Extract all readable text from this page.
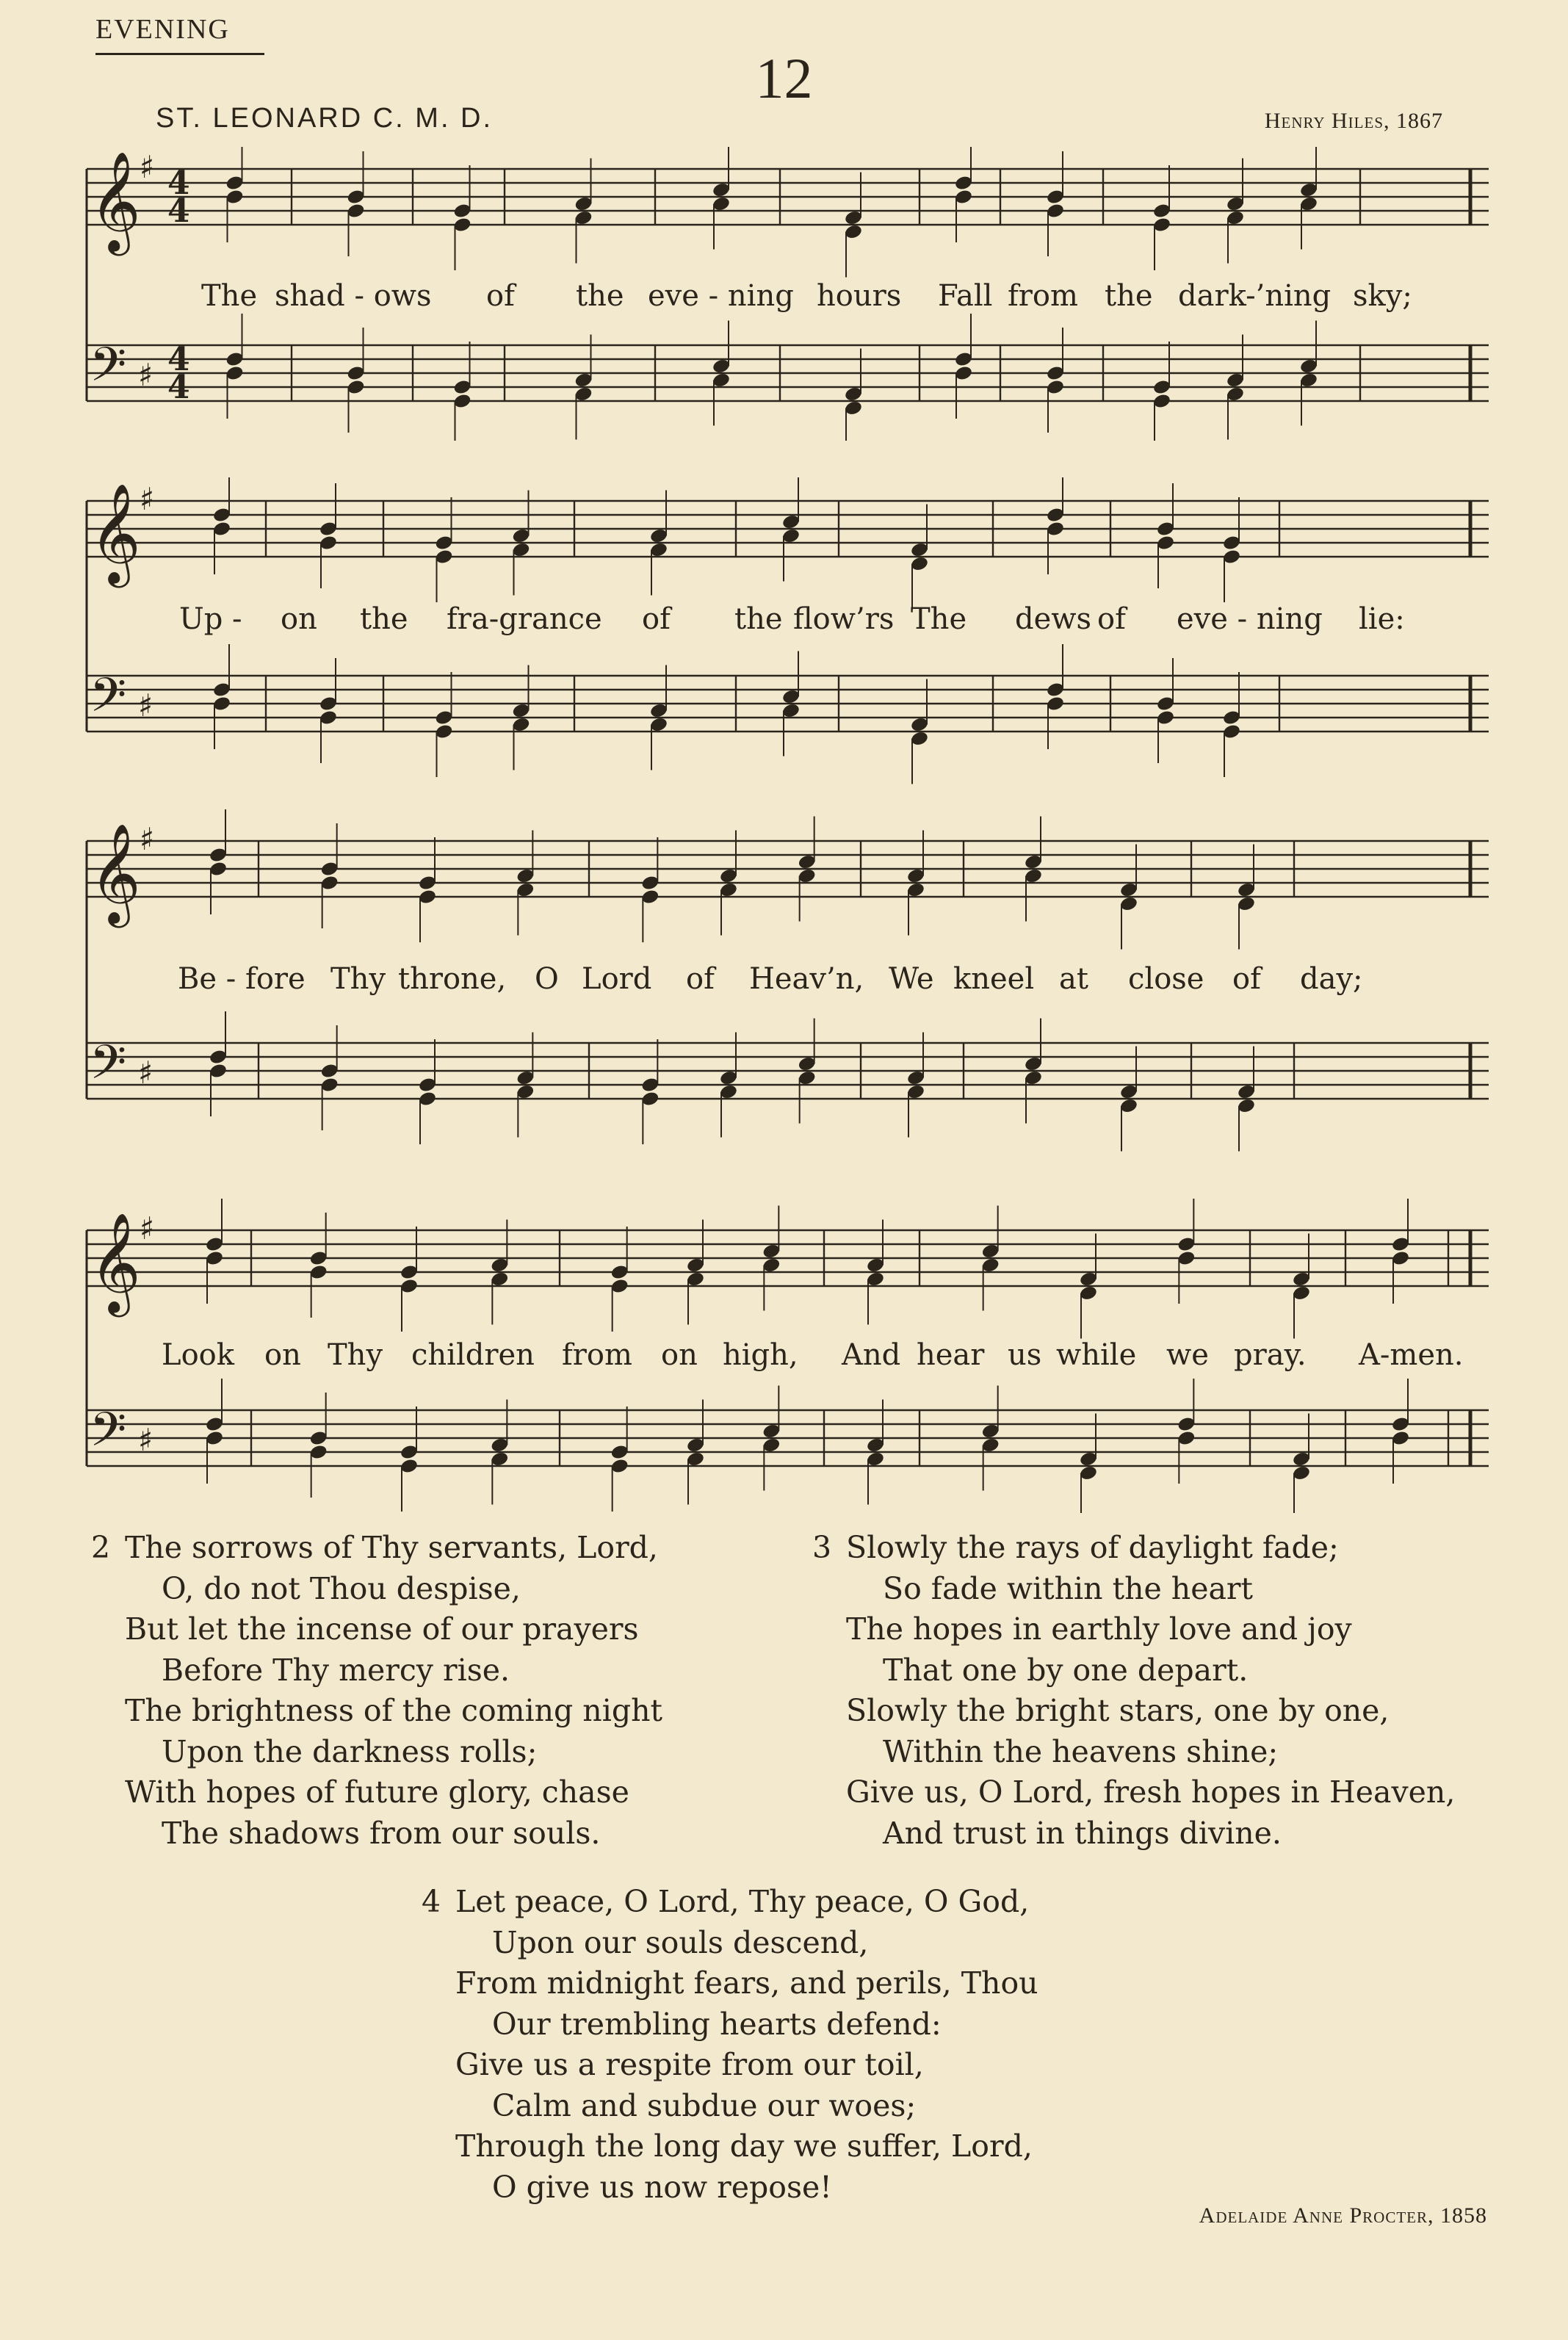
EVENING
12
ST. LEONARD C. M. D.	Henry Hiles, 1867
𝄞
♯ 4
4
𝄢 ♯ 4
4
The shad - ows of the eve - ning hours Fall from the dark-’ning sky;
𝄞
♯
𝄢 ♯
Up - on the fra-grance of the flow’rs The dews of eve - ning lie:
𝄞
♯
𝄢 ♯
Be - fore Thy throne, O Lord of Heav’n, We kneel at close of day;
𝄞
♯
𝄢 ♯
Look on Thy children from on high, And hear us while we pray. A-men.
2 The sorrows of Thy servants, Lord,
O, do not Thou despise,
But let the incense of our prayers
Before Thy mercy rise.
The brightness of the coming night
Upon the darkness rolls;
With hopes of future glory, chase
The shadows from our souls.
3 Slowly the rays of daylight fade;
So fade within the heart
The hopes in earthly love and joy
That one by one depart.
Slowly the bright stars, one by one,
Within the heavens shine;
Give us, O Lord, fresh hopes in Heaven,
And trust in things divine.
4 Let peace, O Lord, Thy peace, O God,
Upon our souls descend,
From midnight fears, and perils, Thou
Our trembling hearts defend:
Give us a respite from our toil,
Calm and subdue our woes;
Through the long day we suffer, Lord,
O give us now repose!
Adelaide Anne Procter, 1858
